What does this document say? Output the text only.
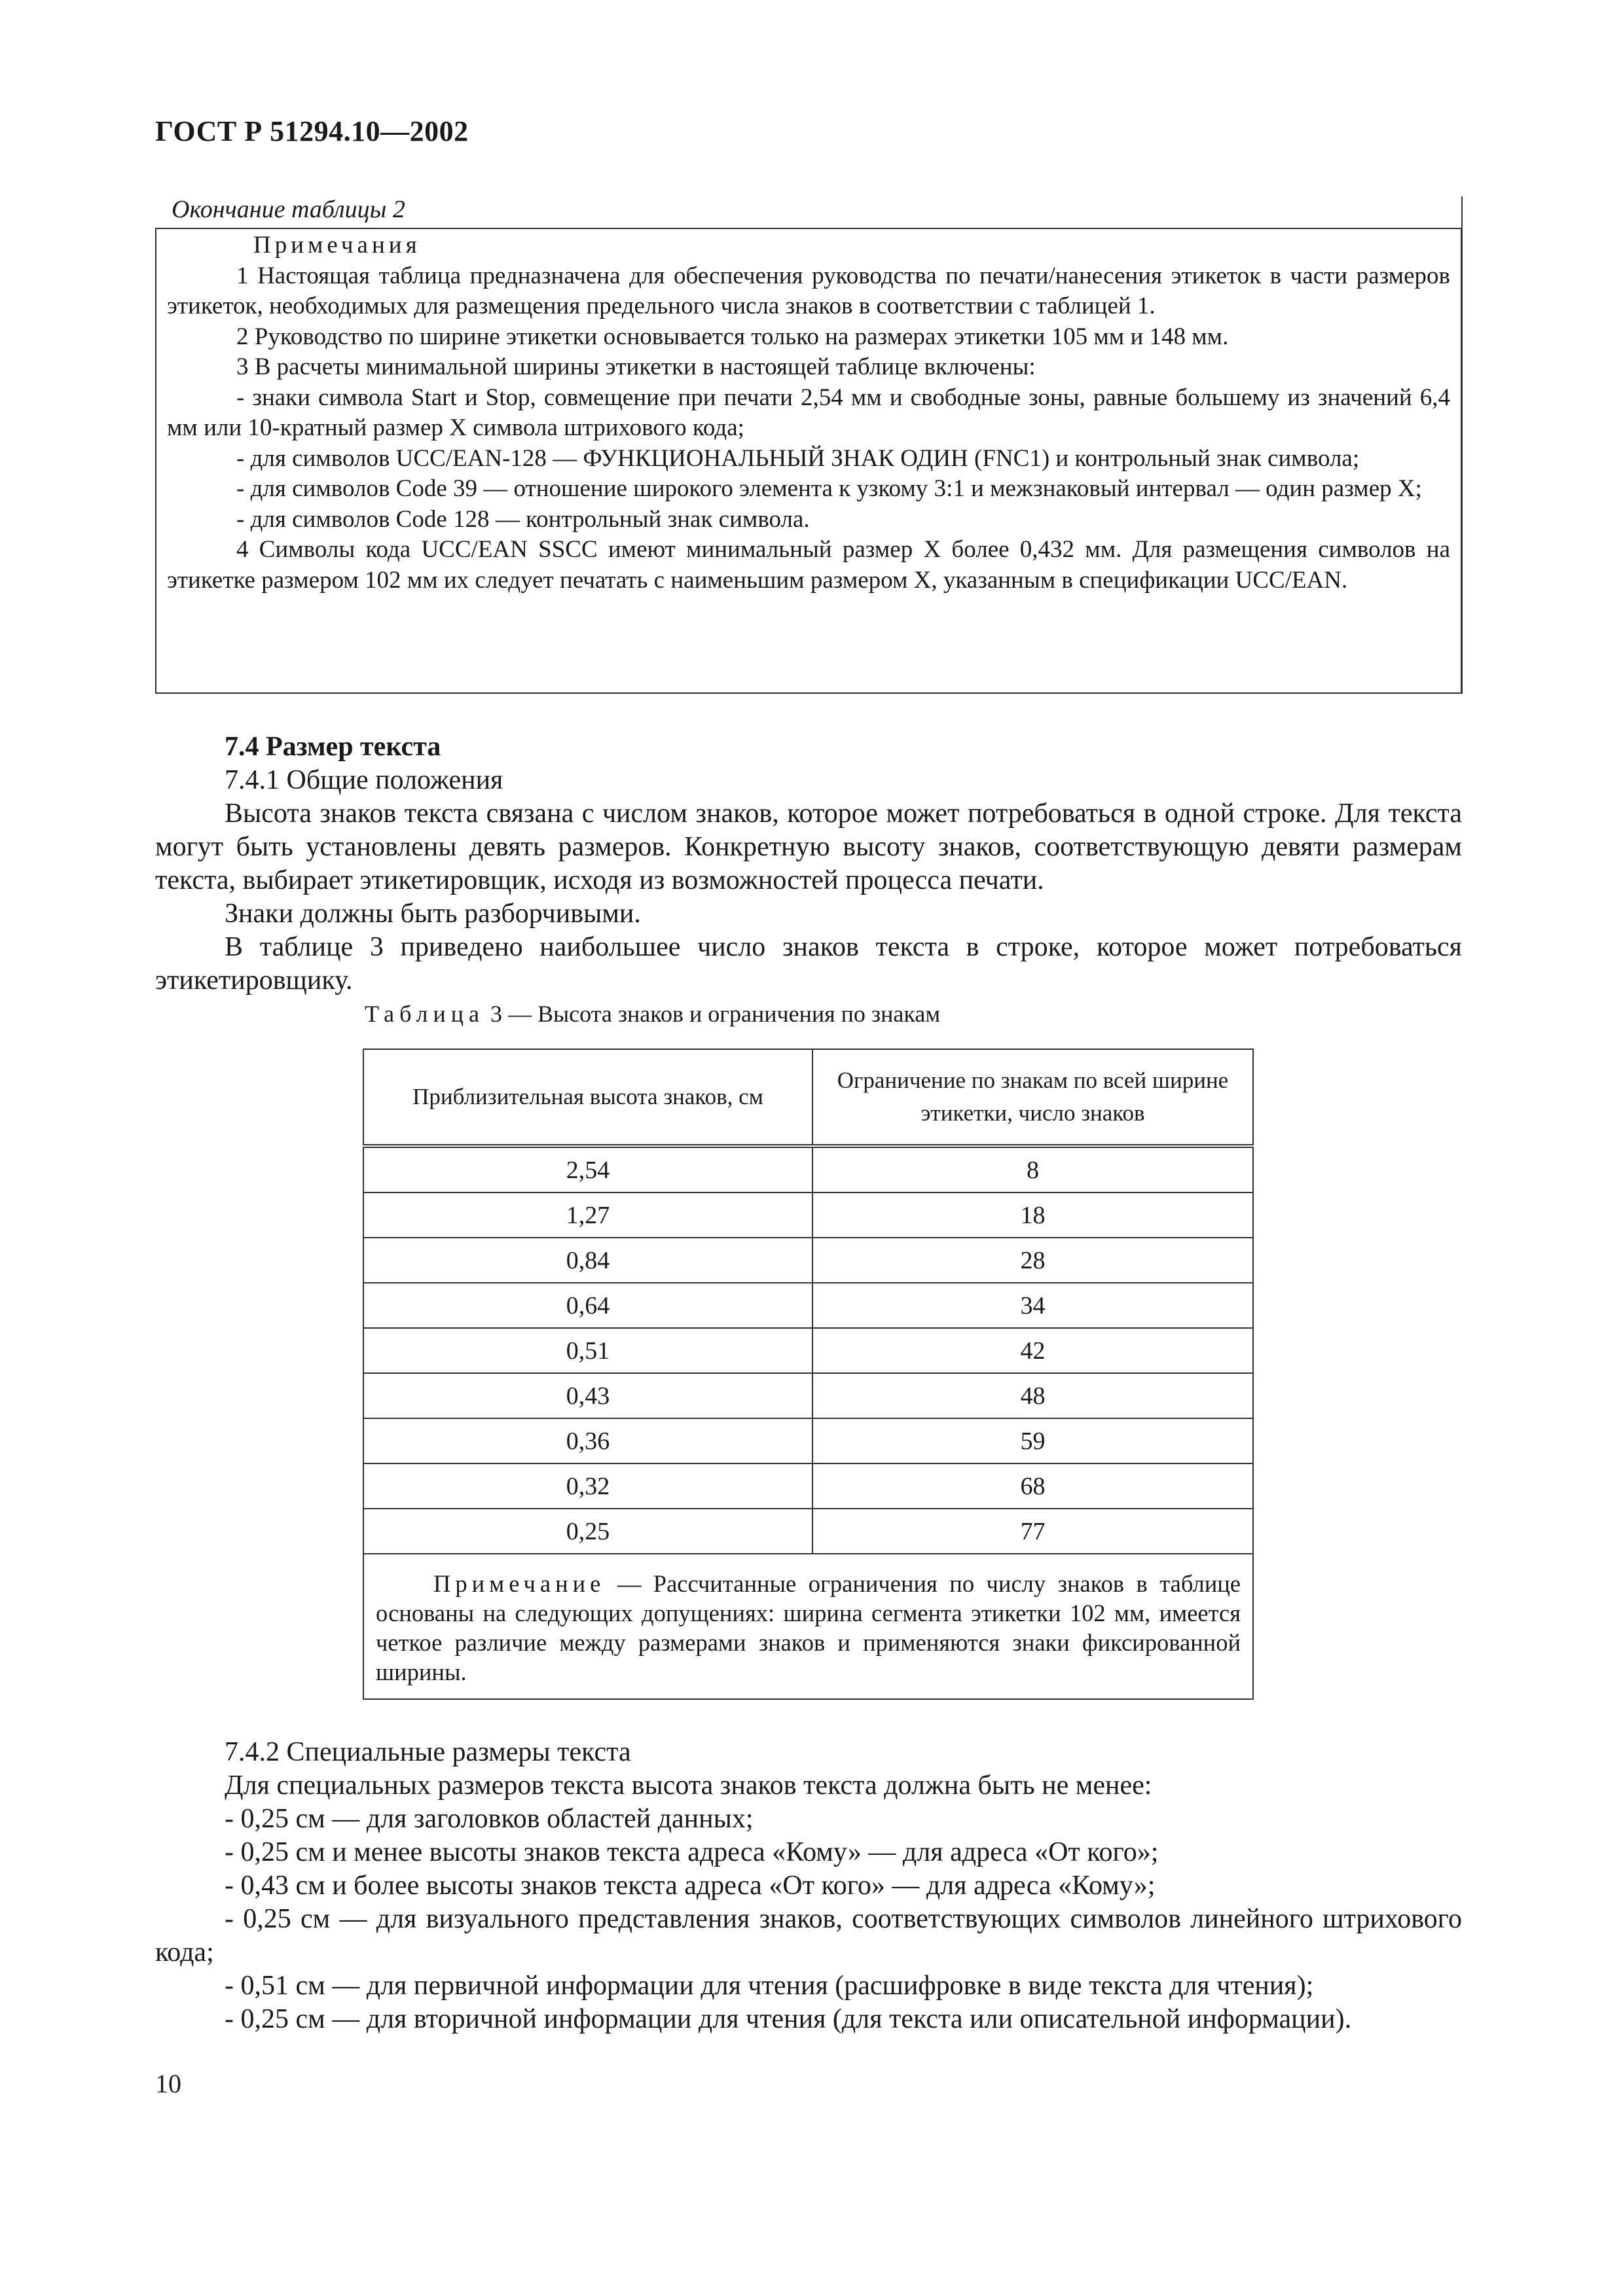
ГОСТ Р 51294.10—2002
Окончание таблицы 2

Примечания

1 Настоящая таблица предназначена для обеспечения руководства по печати/нанесения этикеток в части размеров этикеток, необходимых для размещения предельного числа знаков в соответствии с таблицей 1.

2 Руководство по ширине этикетки основывается только на размерах этикетки 105 мм и 148 мм.

3 В расчеты минимальной ширины этикетки в настоящей таблице включены:

- знаки символа Start и Stop, совмещение при печати 2,54 мм и свободные зоны, равные большему из значений 6,4 мм или 10-кратный размер Х символа штрихового кода;

- для символов UCC/EAN-128 — ФУНКЦИОНАЛЬНЫЙ ЗНАК ОДИН (FNC1) и контрольный знак символа;

- для символов Code 39 — отношение широкого элемента к узкому 3:1 и межзнаковый интервал — один размер Х;

- для символов Code 128 — контрольный знак символа.

4 Символы кода UCC/EAN SSCC имеют минимальный размер Х более 0,432 мм. Для размещения символов на этикетке размером 102 мм их следует печатать с наименьшим размером Х, указанным в спецификации UCC/EAN.

7.4 Размер текста

7.4.1 Общие положения

Высота знаков текста связана с числом знаков, которое может потребоваться в одной строке. Для текста могут быть установлены девять размеров. Конкретную высоту знаков, соответствующую девяти размерам текста, выбирает этикетировщик, исходя из возможностей процесса печати.

Знаки должны быть разборчивыми.

В таблице 3 приведено наибольшее число знаков текста в строке, которое может потребоваться этикетировщику.

Таблица 3 — Высота знаков и ограничения по знакам
Приблизительная высота знаков, см	Ограничение по знакам по всей ширине этикетки, число знаков
2,54	8
1,27	18
0,84	28
0,64	34
0,51	42
0,43	48
0,36	59
0,32	68
0,25	77
Примечание — Рассчитанные ограничения по числу знаков в таблице основаны на следующих допущениях: ширина сегмента этикетки 102 мм, имеется четкое различие между размерами знаков и применяются знаки фиксированной ширины.	

7.4.2 Специальные размеры текста

Для специальных размеров текста высота знаков текста должна быть не менее:

- 0,25 см — для заголовков областей данных;

- 0,25 см и менее высоты знаков текста адреса «Кому» — для адреса «От кого»;

- 0,43 см и более высоты знаков текста адреса «От кого» — для адреса «Кому»;

- 0,25 см — для визуального представления знаков, соответствующих символов линейного штрихового кода;

- 0,51 см — для первичной информации для чтения (расшифровке в виде текста для чтения);

- 0,25 см — для вторичной информации для чтения (для текста или описательной информации).

10
